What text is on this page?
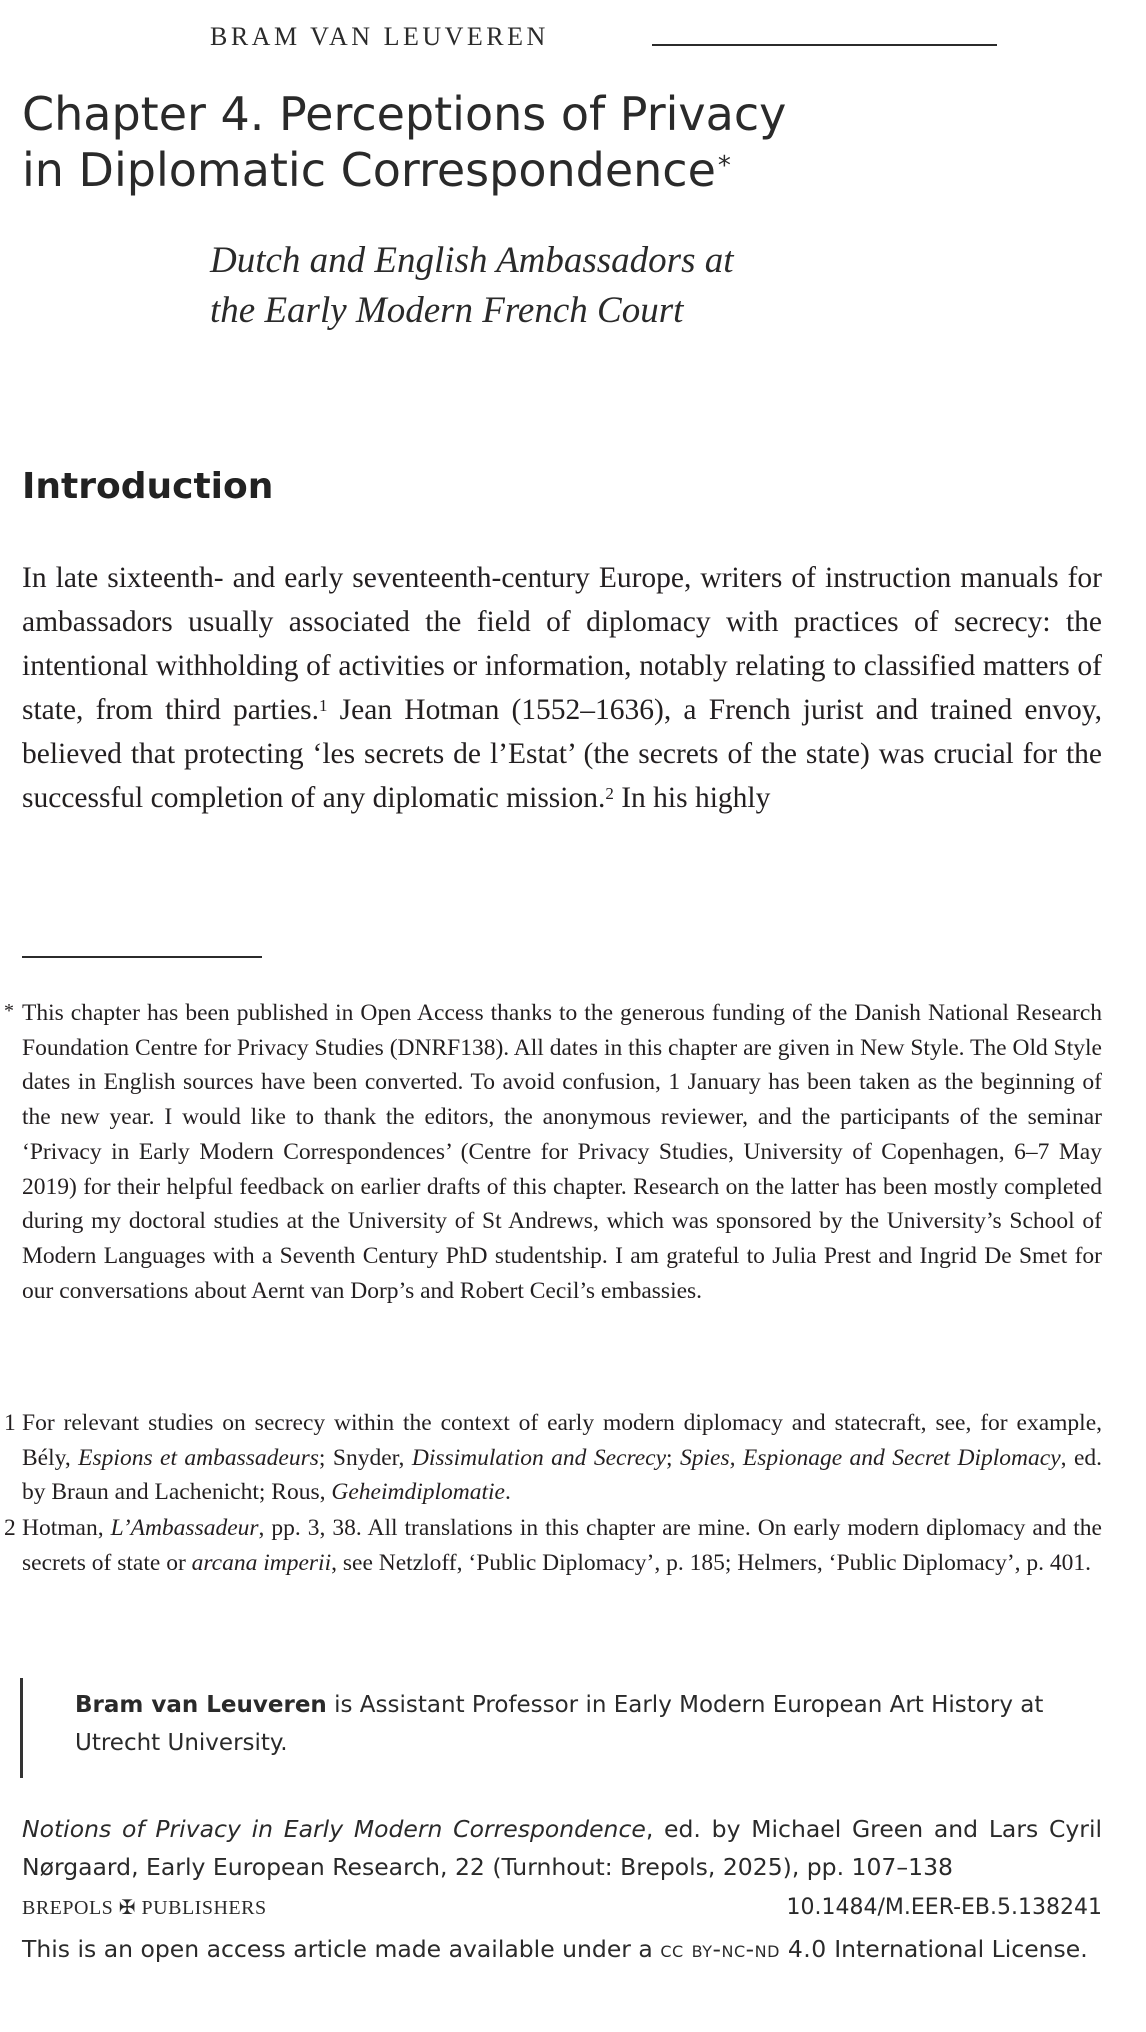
BRAM VAN LEUVEREN
Chapter 4. Perceptions of Privacy
in Diplomatic Correspondence*
Dutch and English Ambassadors at
the Early Modern French Court
Introduction

In late sixteenth- and early seventeenth-century Europe, writers of instruction manuals for ambassadors usually associated the field of diplomacy with practices of secrecy: the intentional withholding of activities or information, notably relating to classified matters of state, from third parties.$^1$ Jean Hotman (1552–1636), a French jurist and trained envoy, believed that protecting ‘les secrets de l’Estat’ (the secrets of the state) was crucial for the successful completion of any diplomatic mission.$^2$ In his highly

* This chapter has been published in Open Access thanks to the generous funding of the Danish National Research Foundation Centre for Privacy Studies (DNRF138). All dates in this chapter are given in New Style. The Old Style dates in English sources have been converted. To avoid confusion, 1 January has been taken as the beginning of the new year. I would like to thank the editors, the anonymous reviewer, and the participants of the seminar ‘Privacy in Early Modern Correspondences’ (Centre for Privacy Studies, University of Copenhagen, 6–7 May 2019) for their helpful feedback on earlier drafts of this chapter. Research on the latter has been mostly completed during my doctoral studies at the University of St Andrews, which was sponsored by the University’s School of Modern Languages with a Seventh Century PhD studentship. I am grateful to Julia Prest and Ingrid De Smet for our conversations about Aernt van Dorp’s and Robert Cecil’s embassies.
1 For relevant studies on secrecy within the context of early modern diplomacy and statecraft, see, for example, Bély, Espions et ambassadeurs; Snyder, Dissimulation and Secrecy; Spies, Espionage and Secret Diplomacy, ed. by Braun and Lachenicht; Rous, Geheimdiplomatie.
2 Hotman, L’Ambassadeur, pp. 3, 38. All translations in this chapter are mine. On early modern diplomacy and the secrets of state or arcana imperii, see Netzloff, ‘Public Diplomacy’, p. 185; Helmers, ‘Public Diplomacy’, p. 401.
Bram van Leuveren is Assistant Professor in Early Modern European Art History at Utrecht University.
Notions of Privacy in Early Modern Correspondence, ed. by Michael Green and Lars Cyril Nørgaard, Early European Research, 22 (Turnhout: Brepols, 2025), pp. 107–138
BREPOLS ✠ PUBLISHERS	10.1484/M.EER-EB.5.138241
This is an open access article made available under a cc by-nc-nd 4.0 International License.
